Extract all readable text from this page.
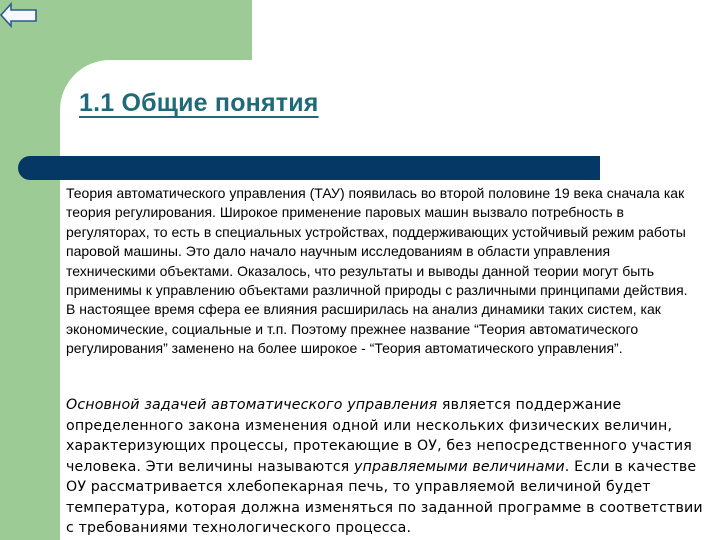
1.1 Общие понятия

Теория автоматического управления (ТАУ) появилась во второй половине 19 века сначала как теория регулирования. Широкое применение паровых машин вызвало потребность в регуляторах, то есть в специальных устройствах, поддерживающих устойчивый режим работы паровой машины. Это дало начало научным исследованиям в области управления техническими объектами. Оказалось, что результаты и выводы данной теории могут быть применимы к управлению объектами различной природы с различными принципами действия. В настоящее время сфера ее влияния расширилась на анализ динамики таких систем, как экономические, социальные и т.п. Поэтому прежнее название “Теория автоматического регулирования” заменено на более широкое - “Теория автоматического управления”.

Основной задачей автоматического управления является поддержание определенного закона изменения одной или нескольких физических величин, характеризующих процессы, протекающие в ОУ, без непосредственного участия человека. Эти величины называются управляемыми величинами. Если в качестве ОУ рассматривается хлебопекарная печь, то управляемой величиной будет температура, которая должна изменяться по заданной программе в соответствии с требованиями технологического процесса.
